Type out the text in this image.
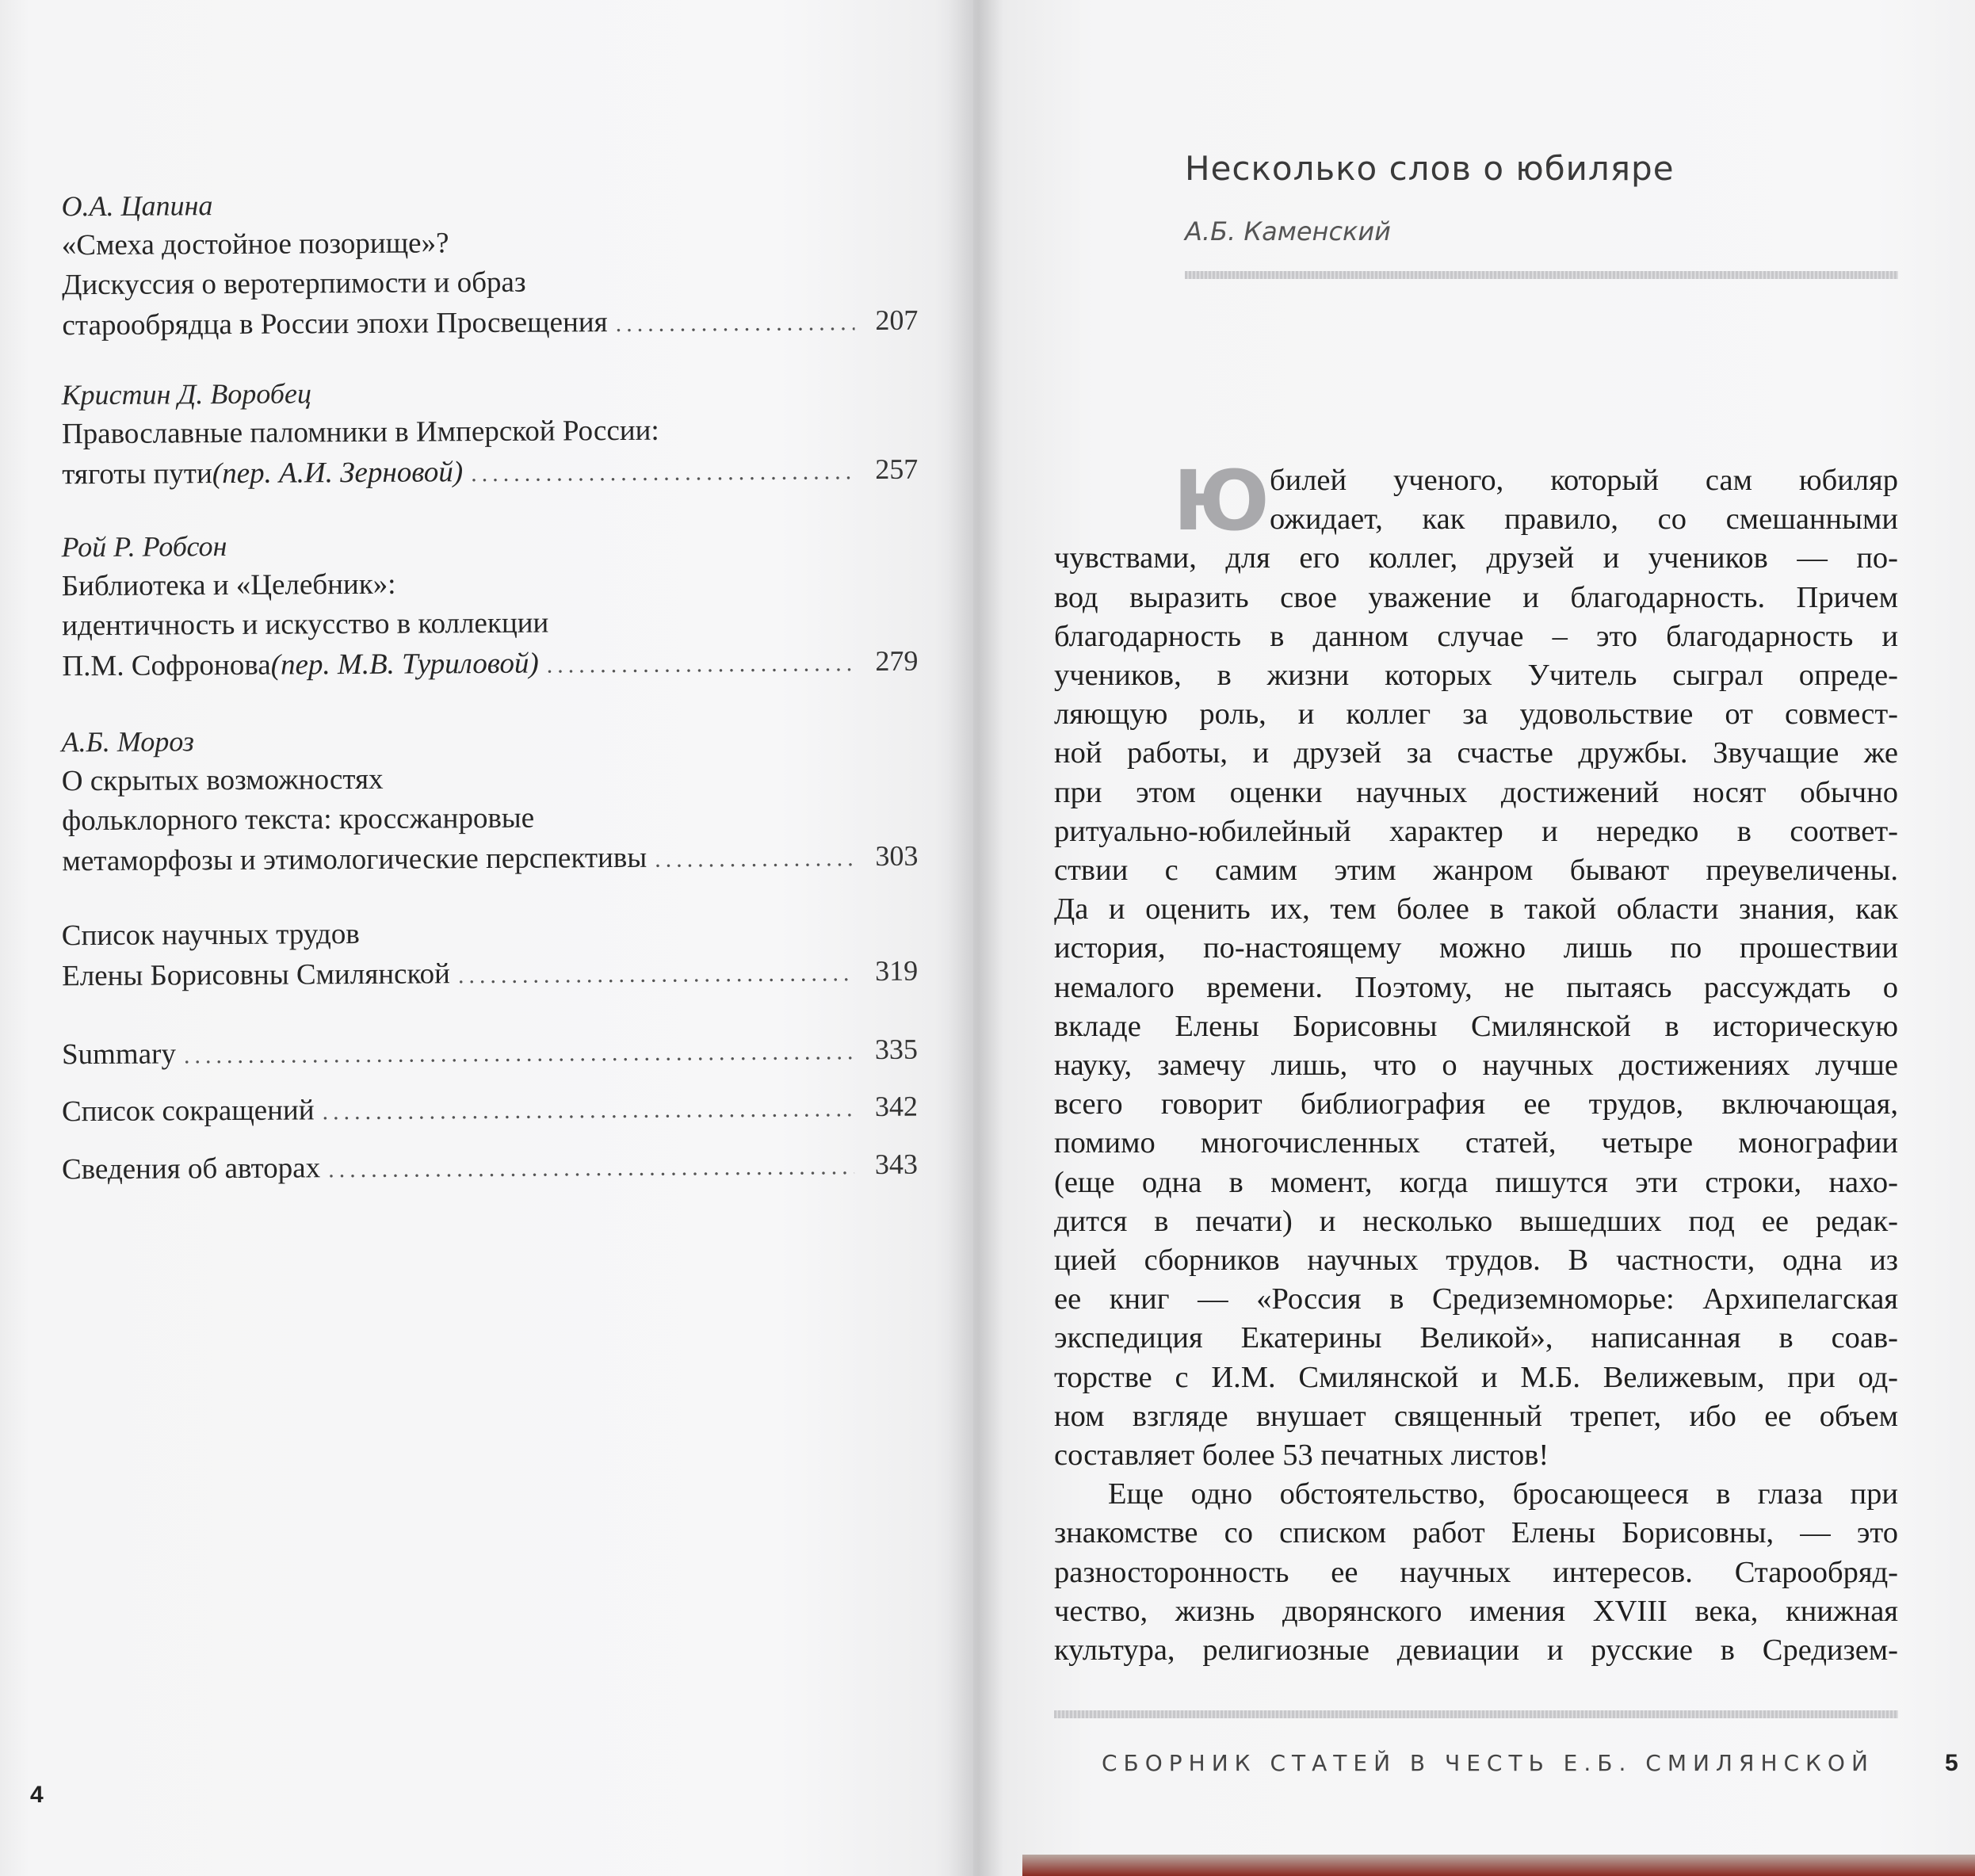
О.А. Цапина
«Смеха достойное позорище»?
Дискуссия о веротерпимости и образ
старообрядца в России эпохи Просвещения .....	207
Кристин Д. Воробец
Православные паломники в Имперской России:
тяготы пути (пер. А.И. Зерновой) .....	257
Рой Р. Робсон
Библиотека и «Целебник»:
идентичность и искусство в коллекции
П.М. Софронова (пер. М.В. Туриловой) .....	279
А.Б. Мороз
О скрытых возможностях
фольклорного текста: кроссжанровые
метаморфозы и этимологические перспективы .....	303
Список научных трудов
Елены Борисовны Смилянской .....	319
Summary .....	335
Список сокращений .....	342
Сведения об авторах .....	343
4
Несколько слов о юбиляре
А.Б. Каменский
Ю билей ученого, который сам юбиляр
ожидает, как правило, со смешанными
чувствами, для его коллег, друзей и учеников — по-
вод выразить свое уважение и благодарность. Причем
благодарность в данном случае – это благодарность и
учеников, в жизни которых Учитель сыграл опреде-
ляющую роль, и коллег за удовольствие от совмест-
ной работы, и друзей за счастье дружбы. Звучащие же
при этом оценки научных достижений носят обычно
ритуально-юбилейный характер и нередко в соответ-
ствии с самим этим жанром бывают преувеличены.
Да и оценить их, тем более в такой области знания, как
история, по-настоящему можно лишь по прошествии
немалого времени. Поэтому, не пытаясь рассуждать о
вкладе Елены Борисовны Смилянской в историческую
науку, замечу лишь, что о научных достижениях лучше
всего говорит библиография ее трудов, включающая,
помимо многочисленных статей, четыре монографии
(еще одна в момент, когда пишутся эти строки, нахо-
дится в печати) и несколько вышедших под ее редак-
цией сборников научных трудов. В частности, одна из
ее книг — «Россия в Средиземноморье: Архипелагская
экспедиция Екатерины Великой», написанная в соав-
торстве с И.М. Смилянской и М.Б. Велижевым, при од-
ном взгляде внушает священный трепет, ибо ее объем
составляет более 53 печатных листов!
Еще одно обстоятельство, бросающееся в глаза при
знакомстве со списком работ Елены Борисовны, — это
разносторонность ее научных интересов. Старообряд-
чество, жизнь дворянского имения XVIII века, книжная
культура, религиозные девиации и русские в Средизем-
СБОРНИК СТАТЕЙ В ЧЕСТЬ Е.Б. СМИЛЯНСКОЙ	5
